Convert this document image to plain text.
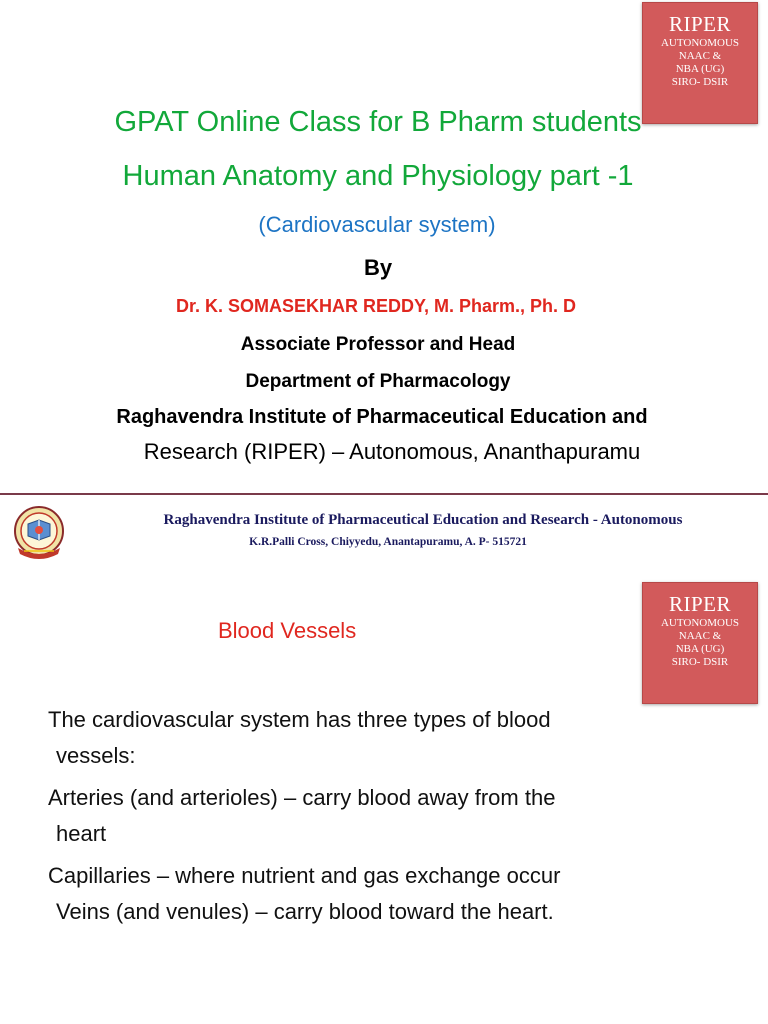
RIPER
AUTONOMOUS
NAAC &
NBA (UG)
SIRO- DSIR
GPAT Online Class for B Pharm students
Human Anatomy and Physiology part -1
(Cardiovascular system)
By
Dr. K. SOMASEKHAR REDDY, M. Pharm., Ph. D
Associate Professor and Head
Department of Pharmacology
Raghavendra Institute of Pharmaceutical Education and
Research (RIPER) – Autonomous, Ananthapuramu
Raghavendra Institute of Pharmaceutical Education and Research - Autonomous
K.R.Palli Cross, Chiyyedu, Anantapuramu, A. P- 515721
RIPER
AUTONOMOUS
NAAC &
NBA (UG)
SIRO- DSIR
Blood Vessels
The cardiovascular system has three types of blood
vessels:
Arteries (and arterioles) – carry blood away from the
heart
Capillaries – where nutrient and gas exchange occur
Veins (and venules) – carry blood toward the heart.
